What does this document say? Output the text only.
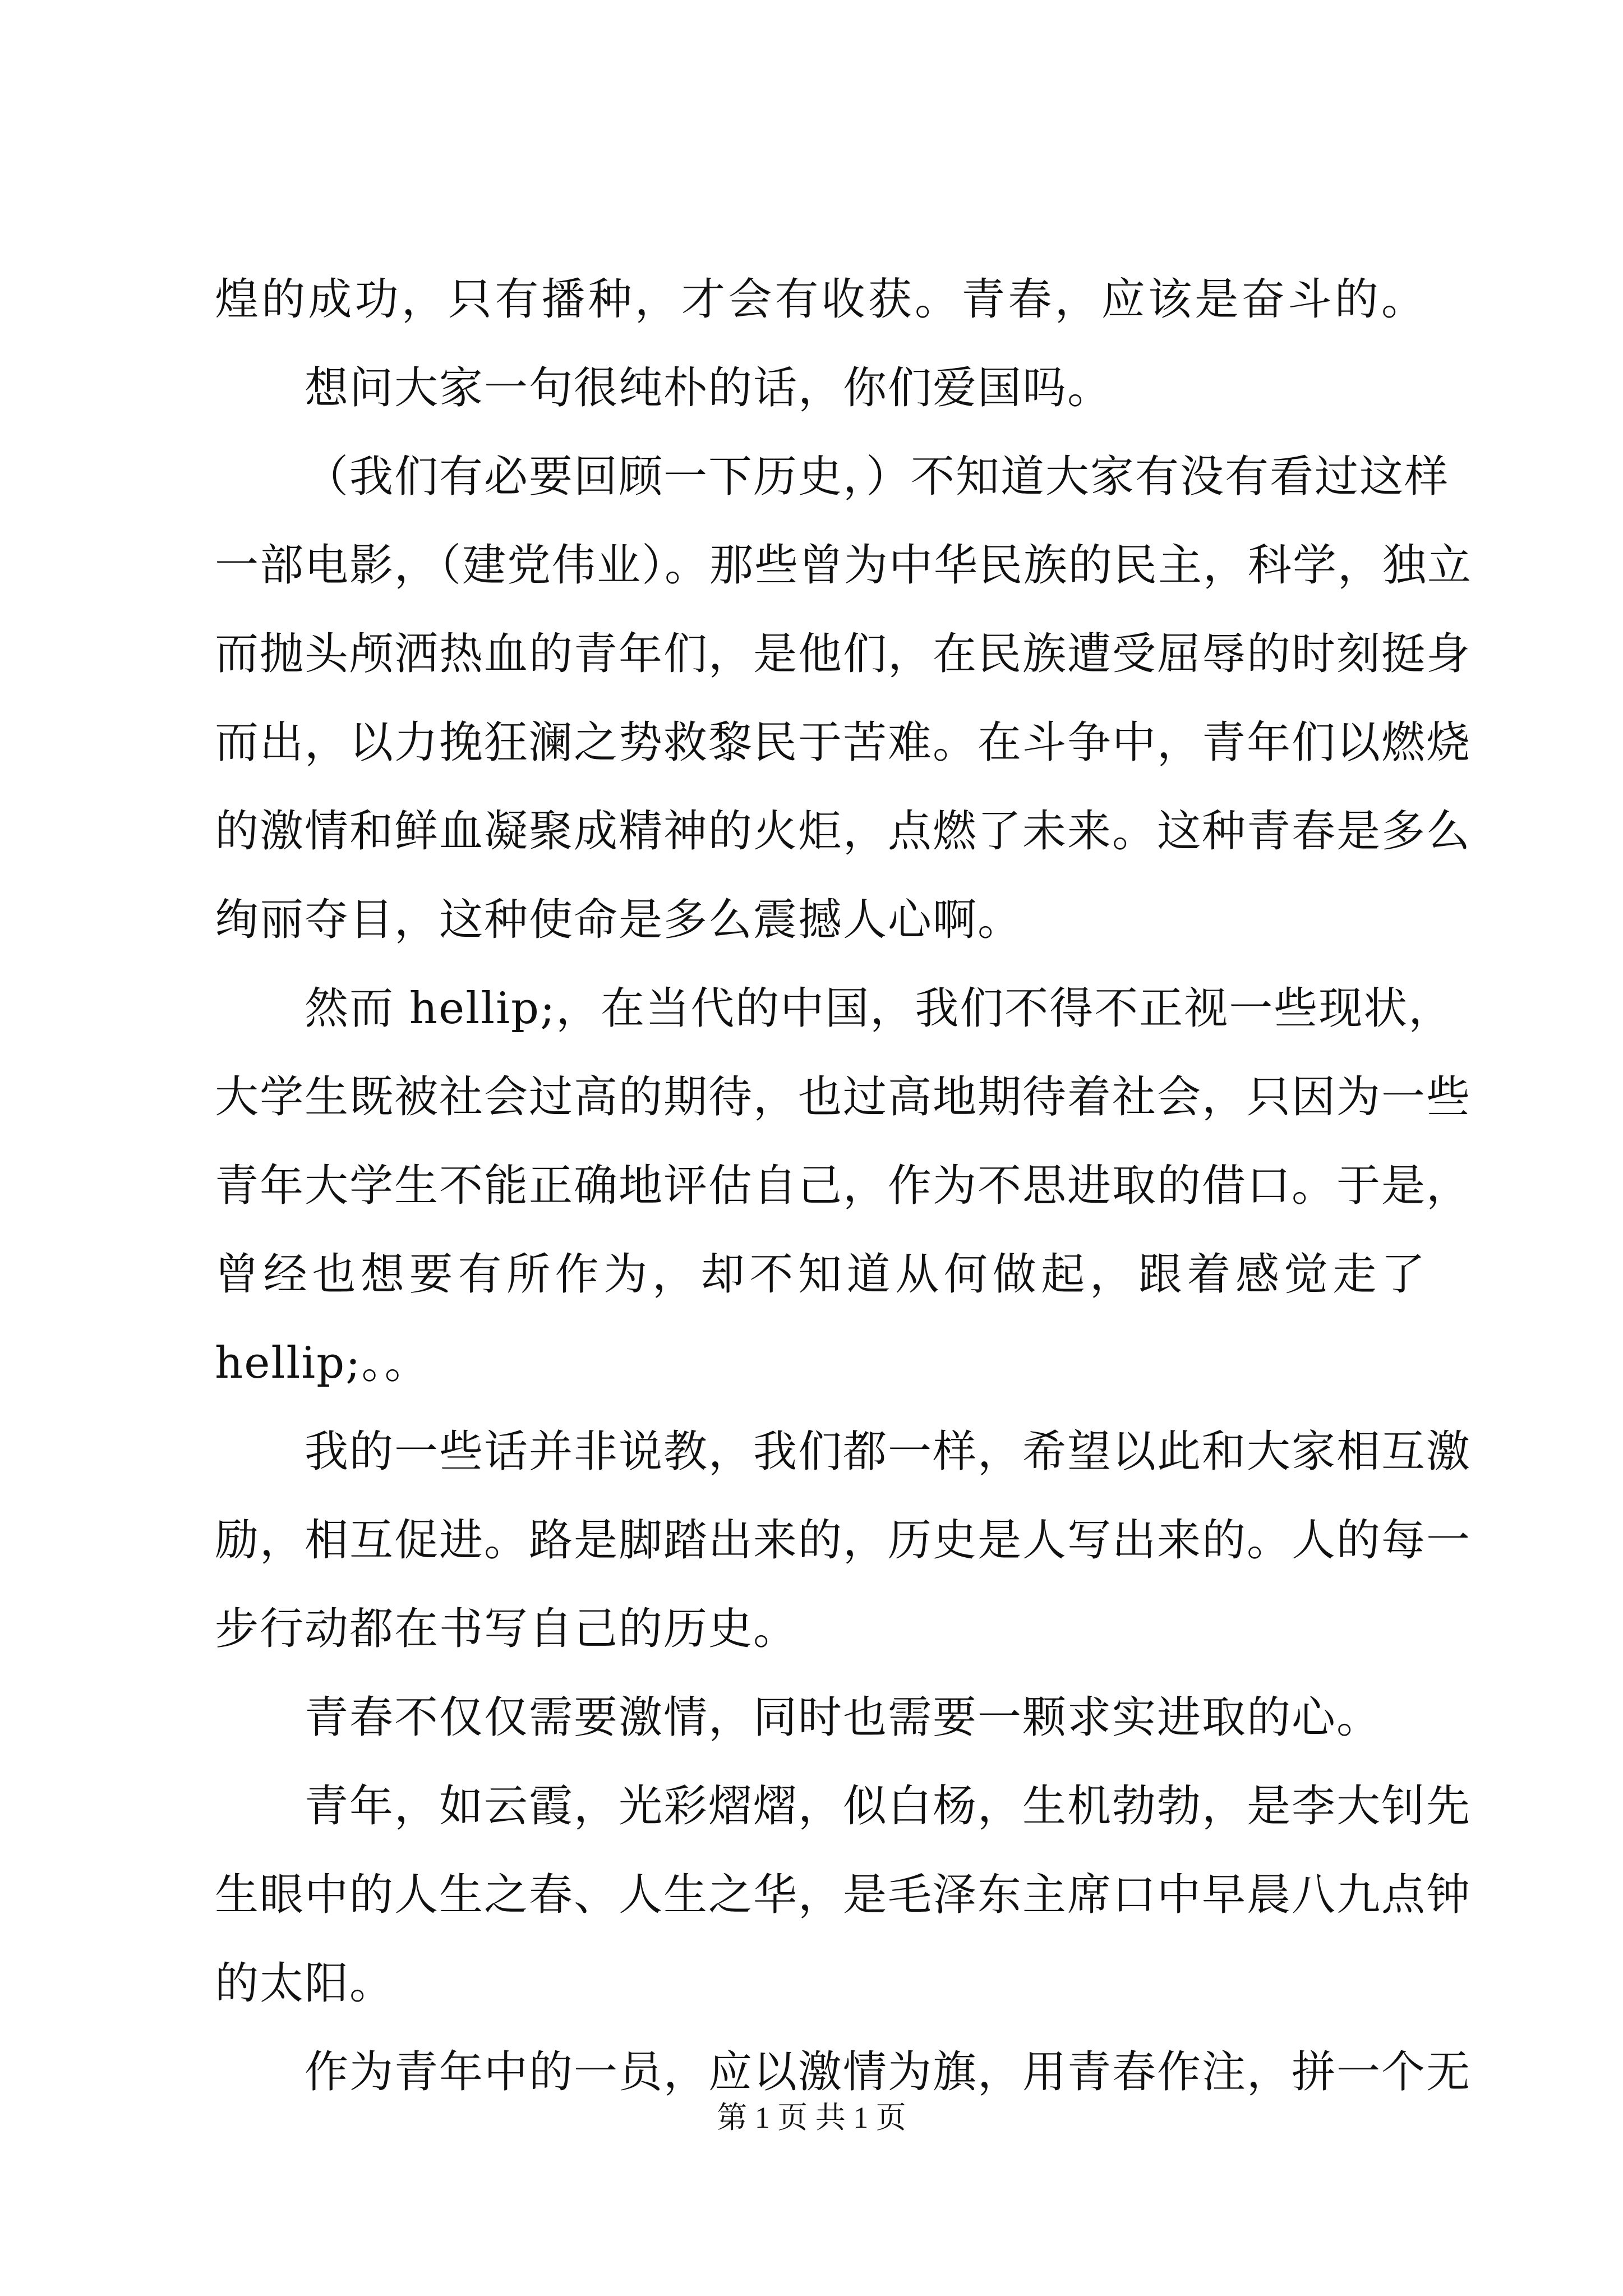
煌的成功，只有播种，才会有收获。青春，应该是奋斗的。
想问大家一句很纯朴的话，你们爱国吗。
（我们有必要回顾一下历史，）不知道大家有没有看过这样
一部电影，（建党伟业）。那些曾为中华民族的民主，科学，独立
而抛头颅洒热血的青年们，是他们，在民族遭受屈辱的时刻挺身
而出，以力挽狂澜之势救黎民于苦难。在斗争中，青年们以燃烧
的激情和鲜血凝聚成精神的火炬，点燃了未来。这种青春是多么
绚丽夺目，这种使命是多么震撼人心啊。
然而 hellip;，在当代的中国，我们不得不正视一些现状，
大学生既被社会过高的期待，也过高地期待着社会，只因为一些
青年大学生不能正确地评估自己，作为不思进取的借口。于是，
曾经也想要有所作为，却不知道从何做起，跟着感觉走了
hellip;。。
我的一些话并非说教，我们都一样，希望以此和大家相互激
励，相互促进。路是脚踏出来的，历史是人写出来的。人的每一
步行动都在书写自己的历史。
青春不仅仅需要激情，同时也需要一颗求实进取的心。
青年，如云霞，光彩熠熠，似白杨，生机勃勃，是李大钊先
生眼中的人生之春、人生之华，是毛泽东主席口中早晨八九点钟
的太阳。
作为青年中的一员，应以激情为旗，用青春作注，拼一个无
第 1 页 共 1 页
